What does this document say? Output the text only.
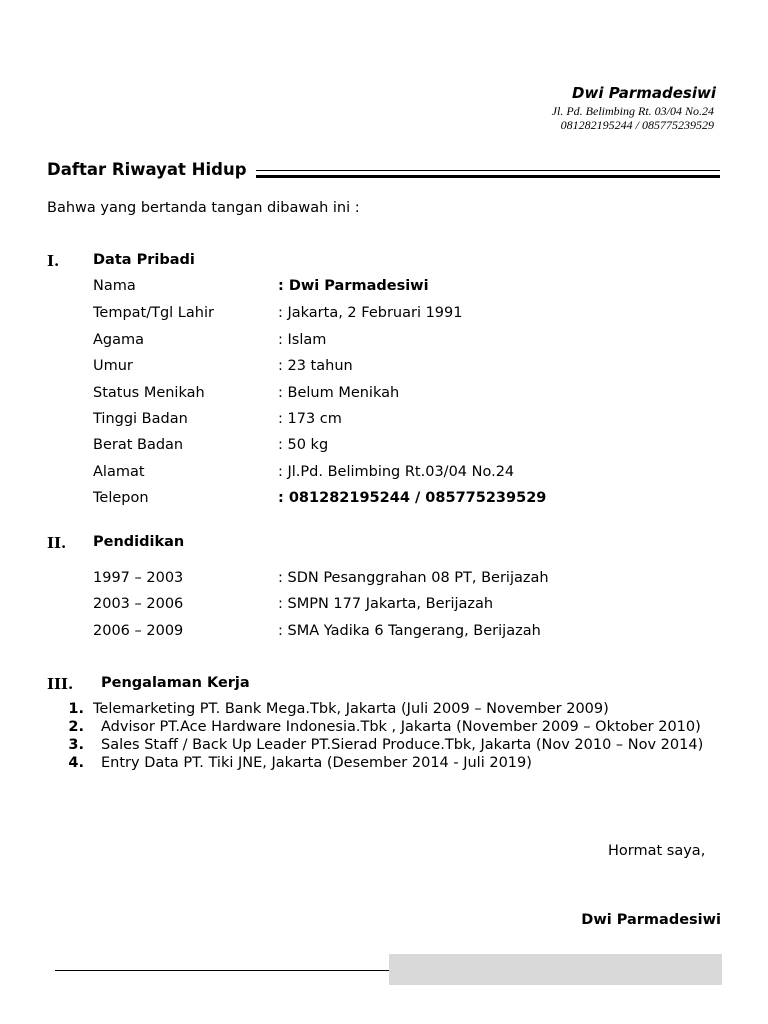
Dwi Parmadesiwi
Jl. Pd. Belimbing Rt. 03/04 No.24
081282195244 / 085775239529
Daftar Riwayat Hidup
Bahwa yang bertanda tangan dibawah ini :
I. Data Pribadi
Nama	: Dwi Parmadesiwi
Tempat/Tgl Lahir	: Jakarta, 2 Februari 1991
Agama	: Islam
Umur	: 23 tahun
Status Menikah	: Belum Menikah
Tinggi Badan	: 173 cm
Berat Badan	: 50 kg
Alamat	: Jl.Pd. Belimbing Rt.03/04 No.24
Telepon	: 081282195244 / 085775239529
II. Pendidikan
1997 – 2003	: SDN Pesanggrahan 08 PT, Berijazah
2003 – 2006	: SMPN 177 Jakarta, Berijazah
2006 – 2009	: SMA Yadika 6 Tangerang, Berijazah
III. Pengalaman Kerja
1. Telemarketing PT. Bank Mega.Tbk, Jakarta (Juli 2009 – November 2009)
2. Advisor PT.Ace Hardware Indonesia.Tbk , Jakarta (November 2009 – Oktober 2010)
3. Sales Staff / Back Up Leader PT.Sierad Produce.Tbk, Jakarta (Nov 2010 – Nov 2014)
4. Entry Data PT. Tiki JNE, Jakarta (Desember 2014 - Juli 2019)
Hormat saya,
Dwi Parmadesiwi
